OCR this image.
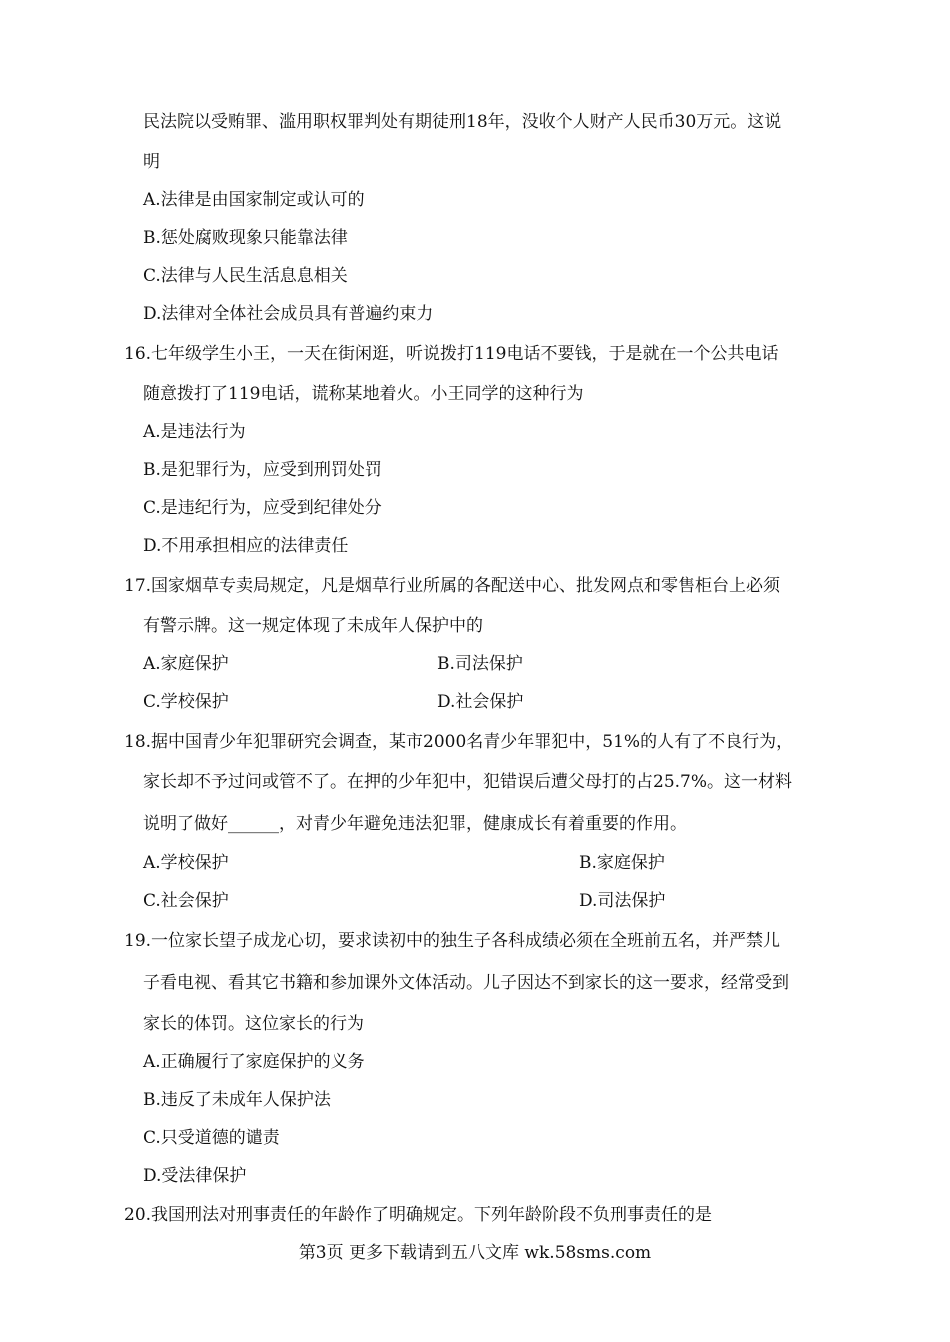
民法院以受贿罪、滥用职权罪判处有期徒刑18年，没收个人财产人民币30万元。这说
明
A.法律是由国家制定或认可的
B.惩处腐败现象只能靠法律
C.法律与人民生活息息相关
D.法律对全体社会成员具有普遍约束力
16.七年级学生小王，一天在街闲逛，听说拨打119电话不要钱，于是就在一个公共电话
随意拨打了119电话，谎称某地着火。小王同学的这种行为
A.是违法行为
B.是犯罪行为，应受到刑罚处罚
C.是违纪行为，应受到纪律处分
D.不用承担相应的法律责任
17.国家烟草专卖局规定，凡是烟草行业所属的各配送中心、批发网点和零售柜台上必须
有警示牌。这一规定体现了未成年人保护中的
A.家庭保护	B.司法保护
C.学校保护	D.社会保护
18.据中国青少年犯罪研究会调查，某市2000名青少年罪犯中，51%的人有了不良行为，
家长却不予过问或管不了。在押的少年犯中，犯错误后遭父母打的占25.7%。这一材料
说明了做好______，对青少年避免违法犯罪，健康成长有着重要的作用。
A.学校保护	B.家庭保护
C.社会保护	D.司法保护
19.一位家长望子成龙心切，要求读初中的独生子各科成绩必须在全班前五名，并严禁儿
子看电视、看其它书籍和参加课外文体活动。儿子因达不到家长的这一要求，经常受到
家长的体罚。这位家长的行为
A.正确履行了家庭保护的义务
B.违反了未成年人保护法
C.只受道德的谴责
D.受法律保护
20.我国刑法对刑事责任的年龄作了明确规定。下列年龄阶段不负刑事责任的是
第3页 更多下载请到五八文库 wk.58sms.com
